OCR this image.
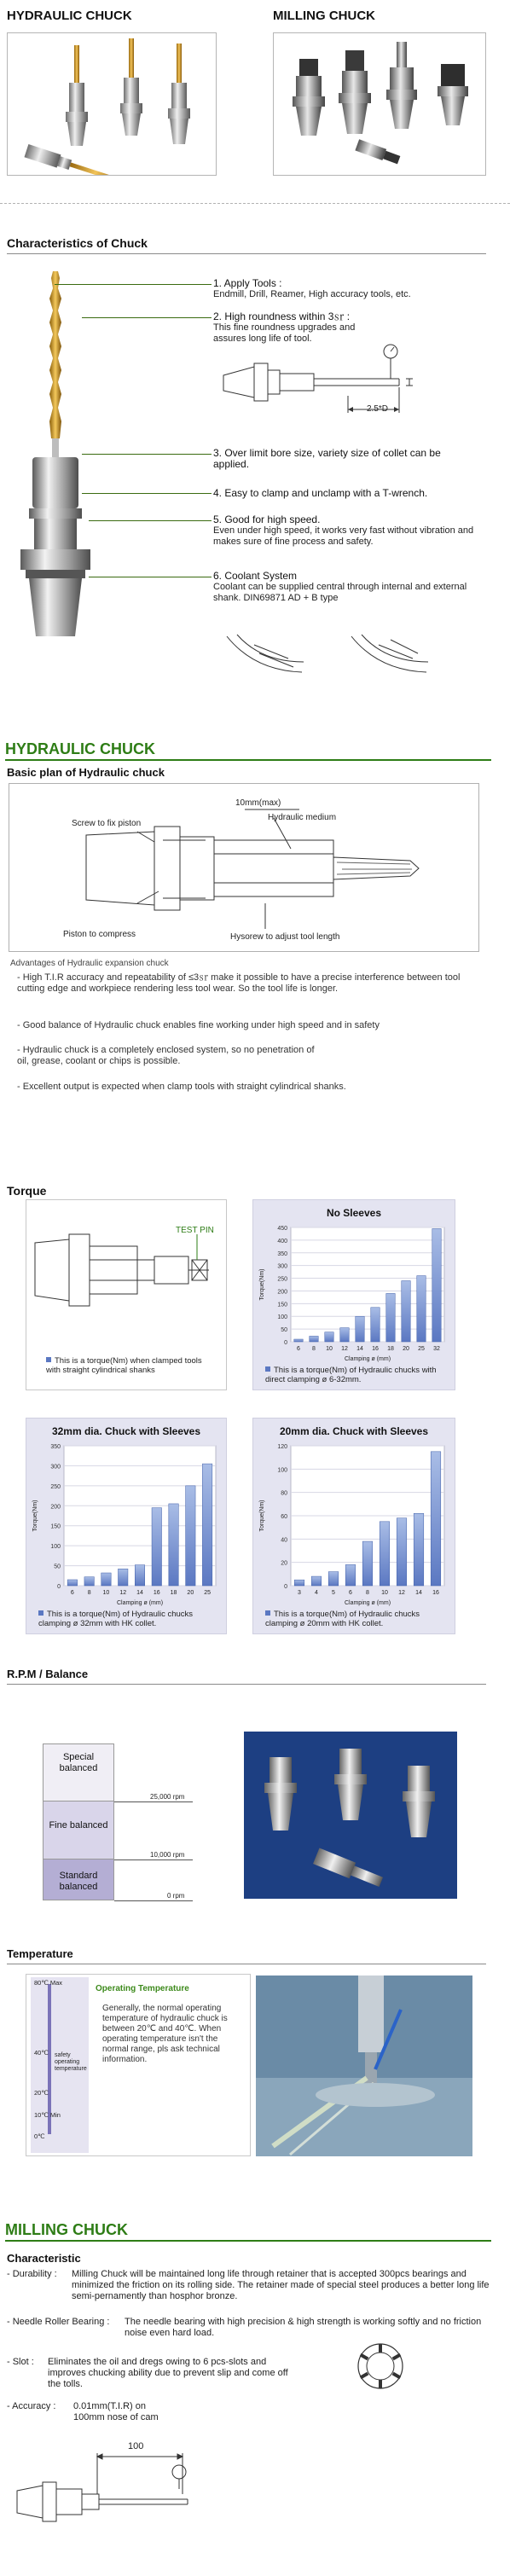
HYDRAULIC CHUCK	MILLING CHUCK
Characteristics of Chuck
1. Apply Tools :
Endmill, Drill, Reamer, High accuracy tools, etc.
2. High roundness within 3㏛ :
This fine roundness upgrades and assures long life of tool.
2.5*D
3. Over limit bore size, variety size of collet can be applied.
4. Easy to clamp and unclamp with a T-wrench.
5. Good for high speed.
Even under high speed, it works very fast without vibration and makes sure of fine process and safety.
6. Coolant System
Coolant can be supplied central through internal and external shank. DIN69871 AD + B type
HYDRAULIC CHUCK
Basic plan of Hydraulic chuck
Screw to fix piston
10mm(max)
Hydraulic medium
Piston to compress	Hysorew to adjust tool length
Advantages of Hydraulic expansion chuck
- High T.I.R accuracy and repeatability of ≤3㏛ make it possible to have a precise interference between tool cutting edge and workpiece rendering less tool wear. So the tool life is longer.
- Good balance of Hydraulic chuck enables fine working under high speed and in safety
- Hydraulic chuck is a completely enclosed system, so no penetration of oil, grease, coolant or chips is possible.
- Excellent output is expected when clamp tools with straight cylindrical shanks.
Torque
TEST PIN
This is a torque(Nm) when clamped tools with straight cylindrical shanks
No Sleeves
0
50
100
150
200
250
300
350
400
450
6 8 10 12 14 16 18 20 25 32
Clamping ø (mm)
Torque(Nm)
This is a torque(Nm) of Hydraulic chucks with direct clamping ø 6-32mm.
32mm dia. Chuck with Sleeves
0
50
100
150
200
250
300
350
6 8 10 12 14 16 18 20 25
Clamping ø (mm)
Torque(Nm)
This is a torque(Nm) of Hydraulic chucks clamping ø 32mm with HK collet.
20mm dia. Chuck with Sleeves
0
20
40
60
80
100
120
3 4 5 6 8 10 12 14 16
Clamping ø (mm)
Torque(Nm)
This is a torque(Nm) of Hydraulic chucks clamping ø 20mm with HK collet.
R.P.M / Balance
Special balanced
Fine balanced
Standard balanced
25,000 rpm
10,000 rpm
0 rpm
Temperature
80℃ Max
40℃
20℃
10℃ Min
0℃
safety operating temperature
Operating Temperature
Generally, the normal operating temperature of hydraulic chuck is between 20℃ and 40℃. When operating temperature isn't the normal range, pls ask technical information.
MILLING CHUCK
Characteristic
- Durability :	Milling Chuck will be maintained long life through retainer that is accepted 300pcs bearings and minimized the friction on its rolling side. The retainer made of special steel produces a better long life semi-pernamently than hosphor bronze.
- Needle Roller Bearing :	The needle bearing with high precision & high strength is working softly and no friction noise even hard load.
- Slot :	Eliminates the oil and dregs owing to 6 pcs-slots and improves chucking ability due to prevent slip and come off the tolls.
- Accuracy :	0.01mm(T.I.R) on 100mm nose of cam
100
